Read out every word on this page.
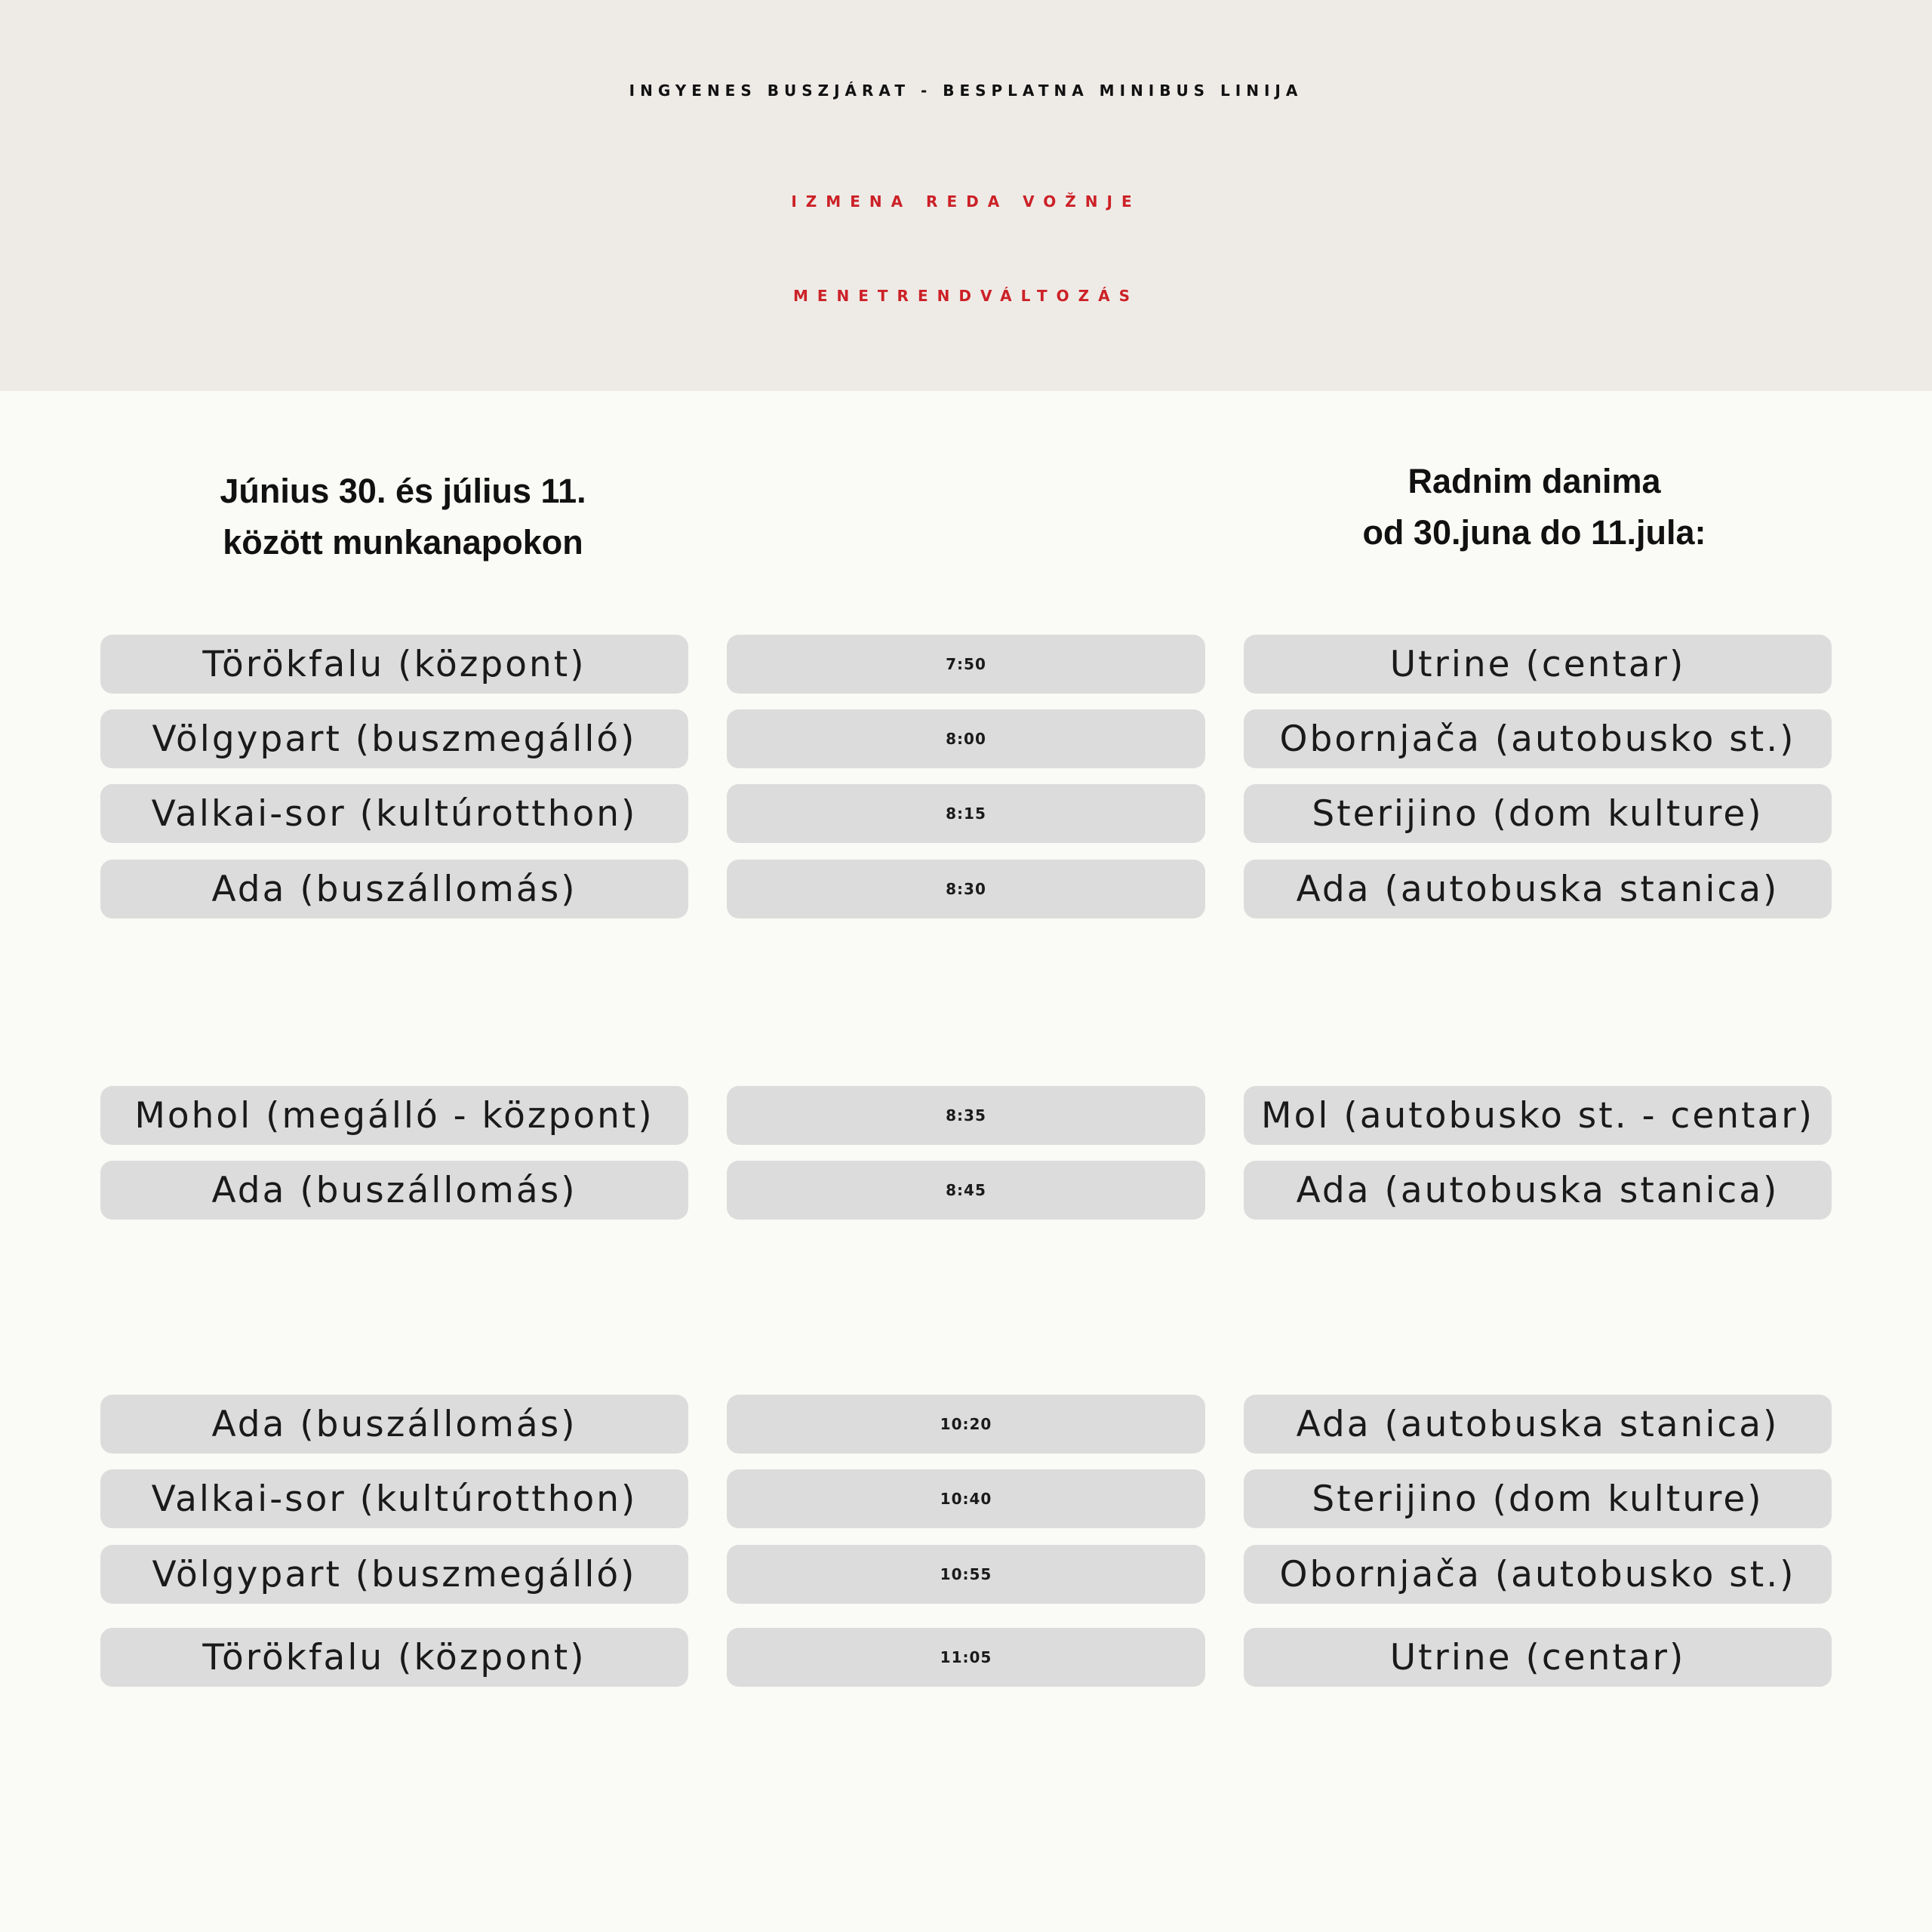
INGYENES BUSZJÁRAT - BESPLATNA MINIBUS LINIJA
IZMENA REDA VOŽNJE
MENETRENDVÁLTOZÁS
Június 30. és július 11.
között munkanapokon
Radnim danima
od 30.juna do 11.jula:
Törökfalu (központ)	7:50	Utrine (centar)
Völgypart (buszmegálló)	8:00	Obornjača (autobusko st.)
Valkai-sor (kultúrotthon)	8:15	Sterijino (dom kulture)
Ada (buszállomás)	8:30	Ada (autobuska stanica)
Mohol (megálló - központ)	8:35	Mol (autobusko st. - centar)
Ada (buszállomás)	8:45	Ada (autobuska stanica)
Ada (buszállomás)	10:20	Ada (autobuska stanica)
Valkai-sor (kultúrotthon)	10:40	Sterijino (dom kulture)
Völgypart (buszmegálló)	10:55	Obornjača (autobusko st.)
Törökfalu (központ)	11:05	Utrine (centar)
